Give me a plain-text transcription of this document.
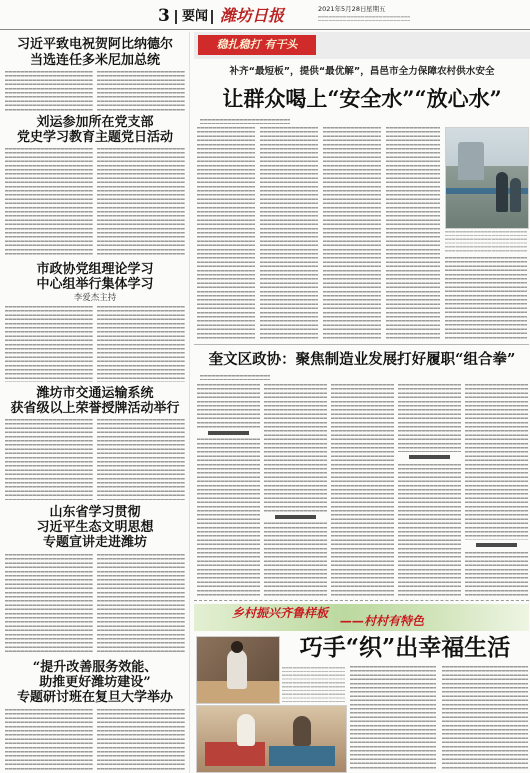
3 要闻 潍坊日报	2021年5月28日 星期五
习近平致电祝贺阿比纳德尔
当选连任多米尼加总统
刘运参加所在党支部
党史学习教育主题党日活动
市政协党组理论学习
中心组举行集体学习
李爱杰主持
潍坊市交通运输系统
获省级以上荣誉授牌活动举行
山东省学习贯彻
习近平生态文明思想
专题宣讲走进潍坊
“提升改善服务效能、
助推更好潍坊建设”
专题研讨班在复旦大学举办
稳扎稳打 有干头
补齐“最短板”，提供“最优解”，昌邑市全力保障农村供水安全
让群众喝上“安全水”“放心水”
奎文区政协：聚焦制造业发展打好履职“组合拳”
乡村振兴齐鲁样板
——村村有特色
巧手“织”出幸福生活
